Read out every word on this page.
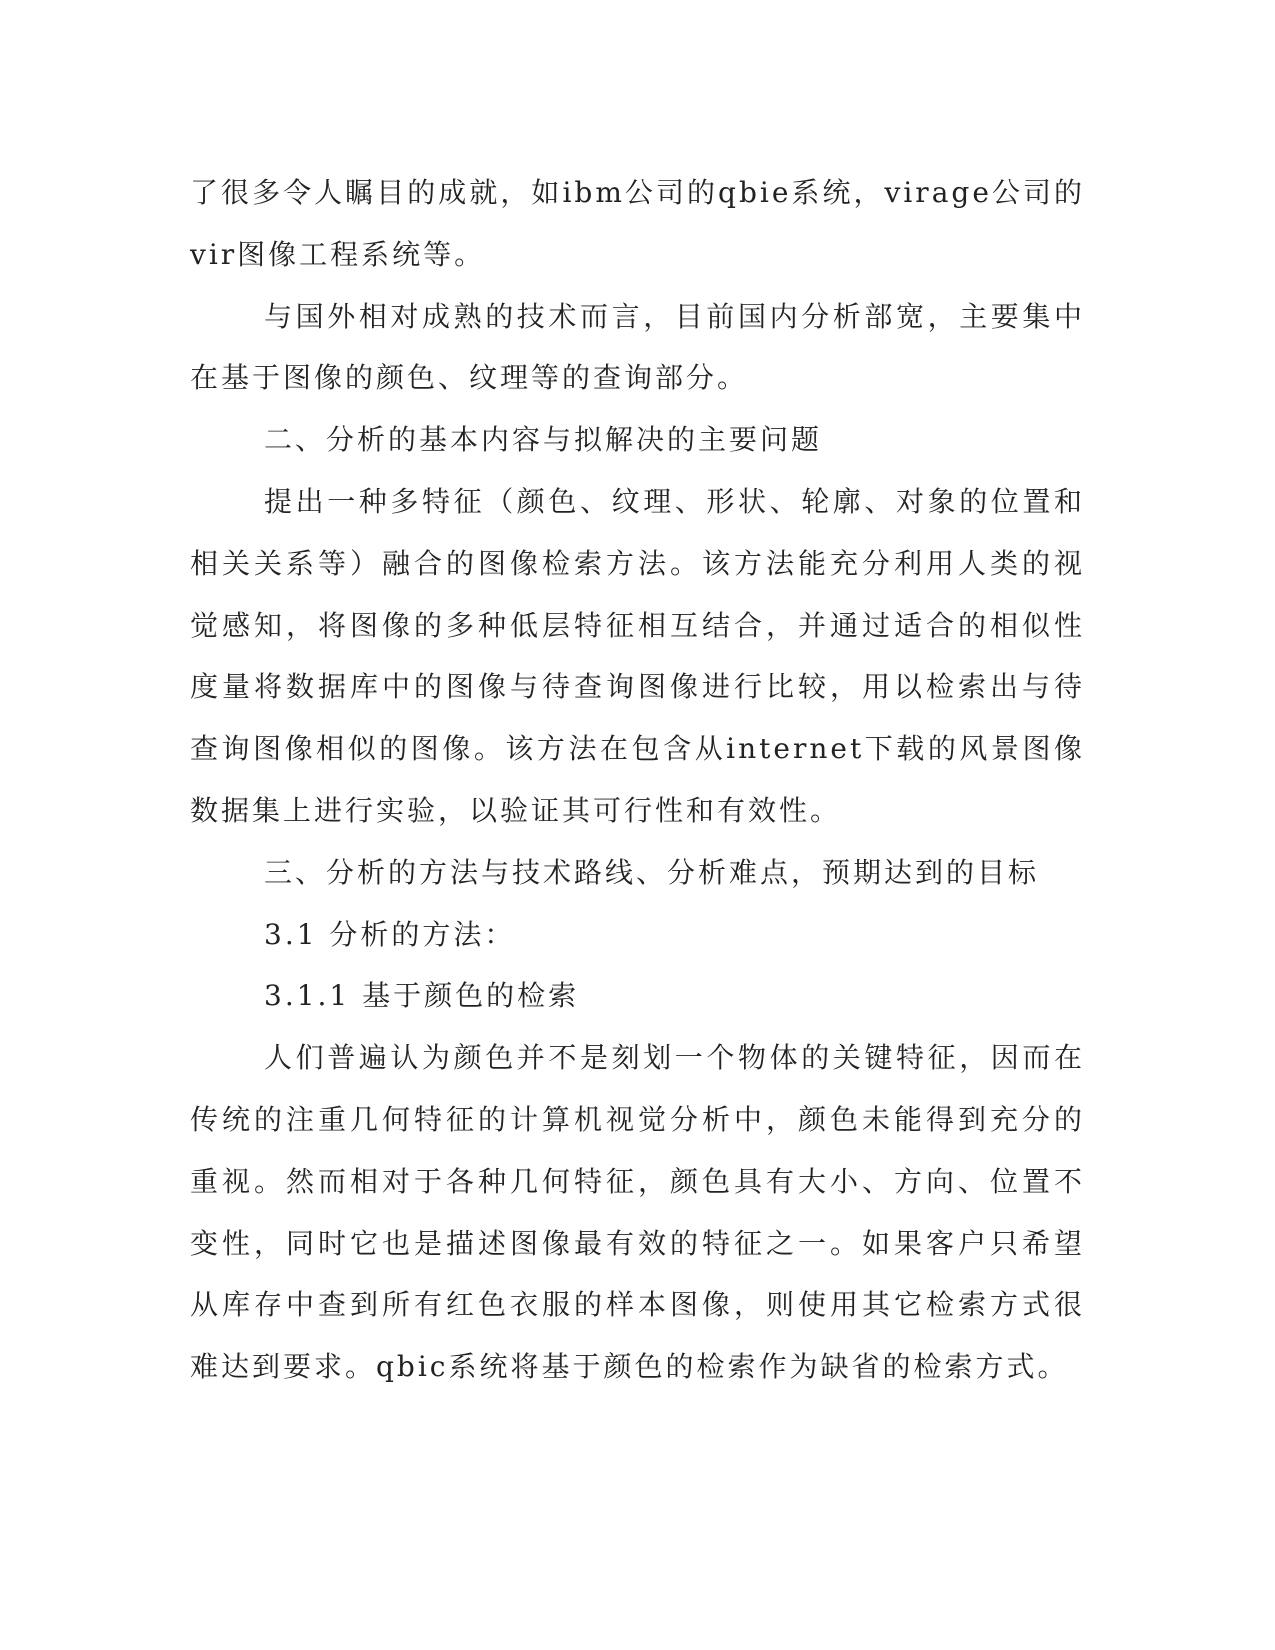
了很多令人瞩目的成就，如ibm公司的qbie系统，virage公司的vir图像工程系统等。

与国外相对成熟的技术而言，目前国内分析部宽，主要集中在基于图像的颜色、纹理等的查询部分。

二、分析的基本内容与拟解决的主要问题

提出一种多特征（颜色、纹理、形状、轮廓、对象的位置和相关关系等）融合的图像检索方法。该方法能充分利用人类的视觉感知，将图像的多种低层特征相互结合，并通过适合的相似性度量将数据库中的图像与待查询图像进行比较，用以检索出与待查询图像相似的图像。该方法在包含从internet下载的风景图像数据集上进行实验，以验证其可行性和有效性。

三、分析的方法与技术路线、分析难点，预期达到的目标

3.1 分析的方法：

3.1.1 基于颜色的检索

人们普遍认为颜色并不是刻划一个物体的关键特征，因而在传统的注重几何特征的计算机视觉分析中，颜色未能得到充分的重视。然而相对于各种几何特征，颜色具有大小、方向、位置不变性，同时它也是描述图像最有效的特征之一。如果客户只希望从库存中查到所有红色衣服的样本图像，则使用其它检索方式很难达到要求。qbic系统将基于颜色的检索作为缺省的检索方式。
